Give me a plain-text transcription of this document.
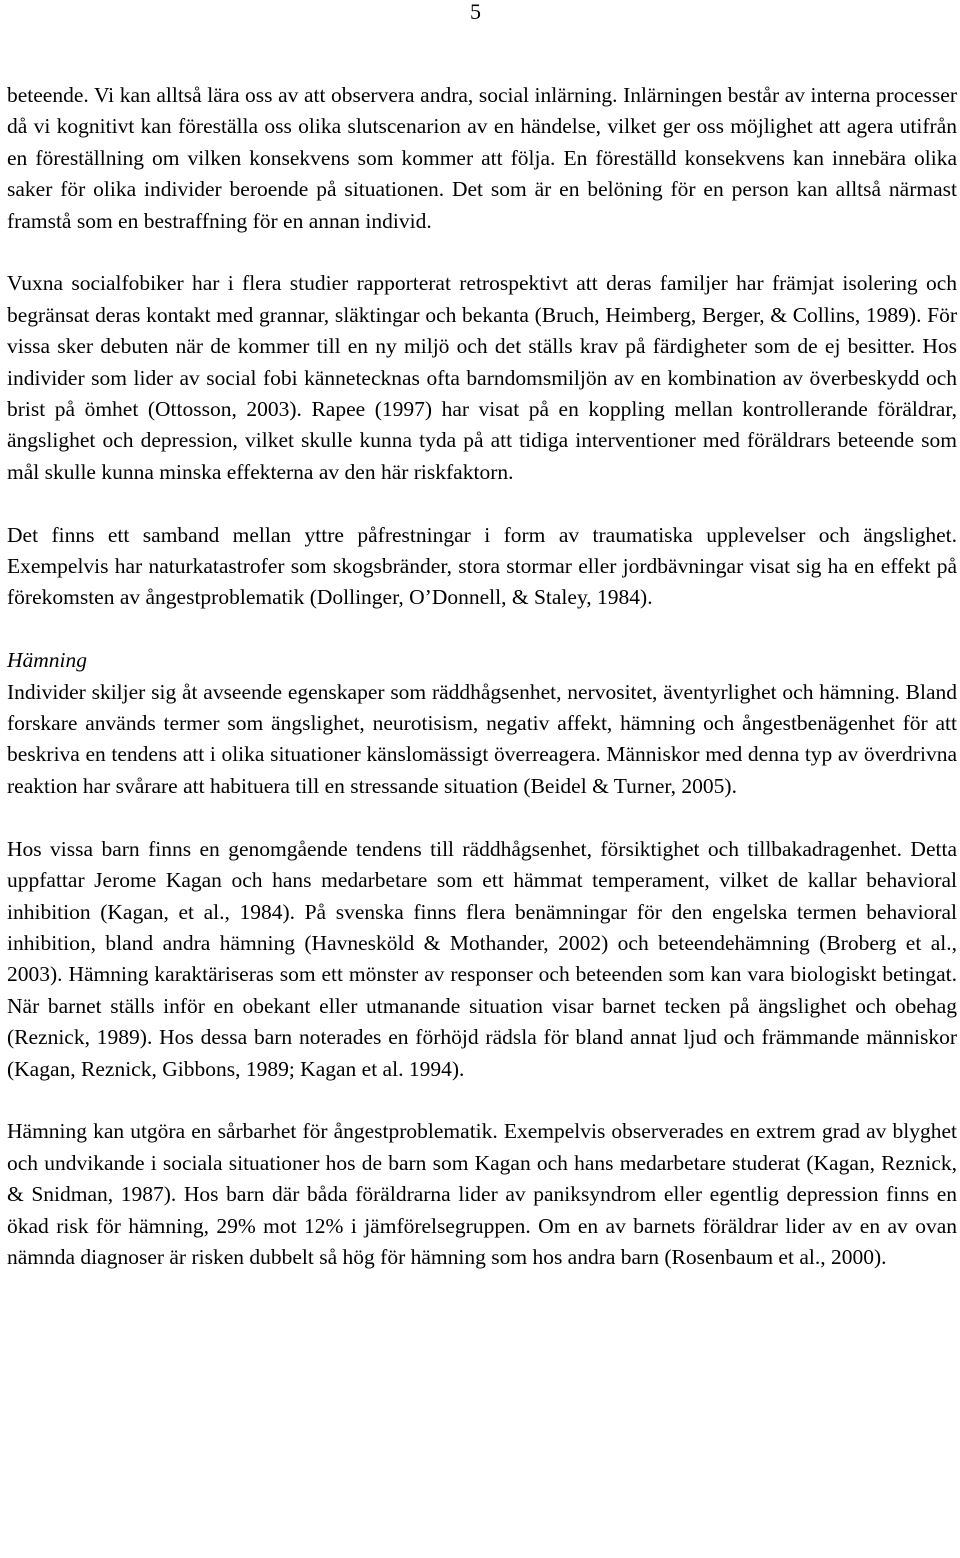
5

beteende. Vi kan alltså lära oss av att observera andra, social inlärning. Inlärningen består av interna processer då vi kognitivt kan föreställa oss olika slutscenarion av en händelse, vilket ger oss möjlighet att agera utifrån en föreställning om vilken konsekvens som kommer att följa. En föreställd konsekvens kan innebära olika saker för olika individer beroende på situationen. Det som är en belöning för en person kan alltså närmast framstå som en bestraffning för en annan individ.

Vuxna socialfobiker har i flera studier rapporterat retrospektivt att deras familjer har främjat isolering och begränsat deras kontakt med grannar, släktingar och bekanta (Bruch, Heimberg, Berger, & Collins, 1989). För vissa sker debuten när de kommer till en ny miljö och det ställs krav på färdigheter som de ej besitter. Hos individer som lider av social fobi kännetecknas ofta barndomsmiljön av en kombination av överbeskydd och brist på ömhet (Ottosson, 2003). Rapee (1997) har visat på en koppling mellan kontrollerande föräldrar, ängslighet och depression, vilket skulle kunna tyda på att tidiga interventioner med föräldrars beteende som mål skulle kunna minska effekterna av den här riskfaktorn.

Det finns ett samband mellan yttre påfrestningar i form av traumatiska upplevelser och ängslighet. Exempelvis har naturkatastrofer som skogsbränder, stora stormar eller jordbävningar visat sig ha en effekt på förekomsten av ångestproblematik (Dollinger, O’Donnell, & Staley, 1984).

Hämning

Individer skiljer sig åt avseende egenskaper som räddhågsenhet, nervositet, äventyrlighet och hämning. Bland forskare används termer som ängslighet, neurotisism, negativ affekt, hämning och ångestbenägenhet för att beskriva en tendens att i olika situationer känslomässigt överreagera. Människor med denna typ av överdrivna reaktion har svårare att habituera till en stressande situation (Beidel & Turner, 2005).

Hos vissa barn finns en genomgående tendens till räddhågsenhet, försiktighet och tillbakadragenhet. Detta uppfattar Jerome Kagan och hans medarbetare som ett hämmat temperament, vilket de kallar behavioral inhibition (Kagan, et al., 1984). På svenska finns flera benämningar för den engelska termen behavioral inhibition, bland andra hämning (Havnesköld & Mothander, 2002) och beteendehämning (Broberg et al., 2003). Hämning karaktäriseras som ett mönster av responser och beteenden som kan vara biologiskt betingat. När barnet ställs inför en obekant eller utmanande situation visar barnet tecken på ängslighet och obehag (Reznick, 1989). Hos dessa barn noterades en förhöjd rädsla för bland annat ljud och främmande människor (Kagan, Reznick, Gibbons, 1989; Kagan et al. 1994).

Hämning kan utgöra en sårbarhet för ångestproblematik. Exempelvis observerades en extrem grad av blyghet och undvikande i sociala situationer hos de barn som Kagan och hans medarbetare studerat (Kagan, Reznick, & Snidman, 1987). Hos barn där båda föräldrarna lider av paniksyndrom eller egentlig depression finns en ökad risk för hämning, 29% mot 12% i jämförelsegruppen. Om en av barnets föräldrar lider av en av ovan nämnda diagnoser är risken dubbelt så hög för hämning som hos andra barn (Rosenbaum et al., 2000).
